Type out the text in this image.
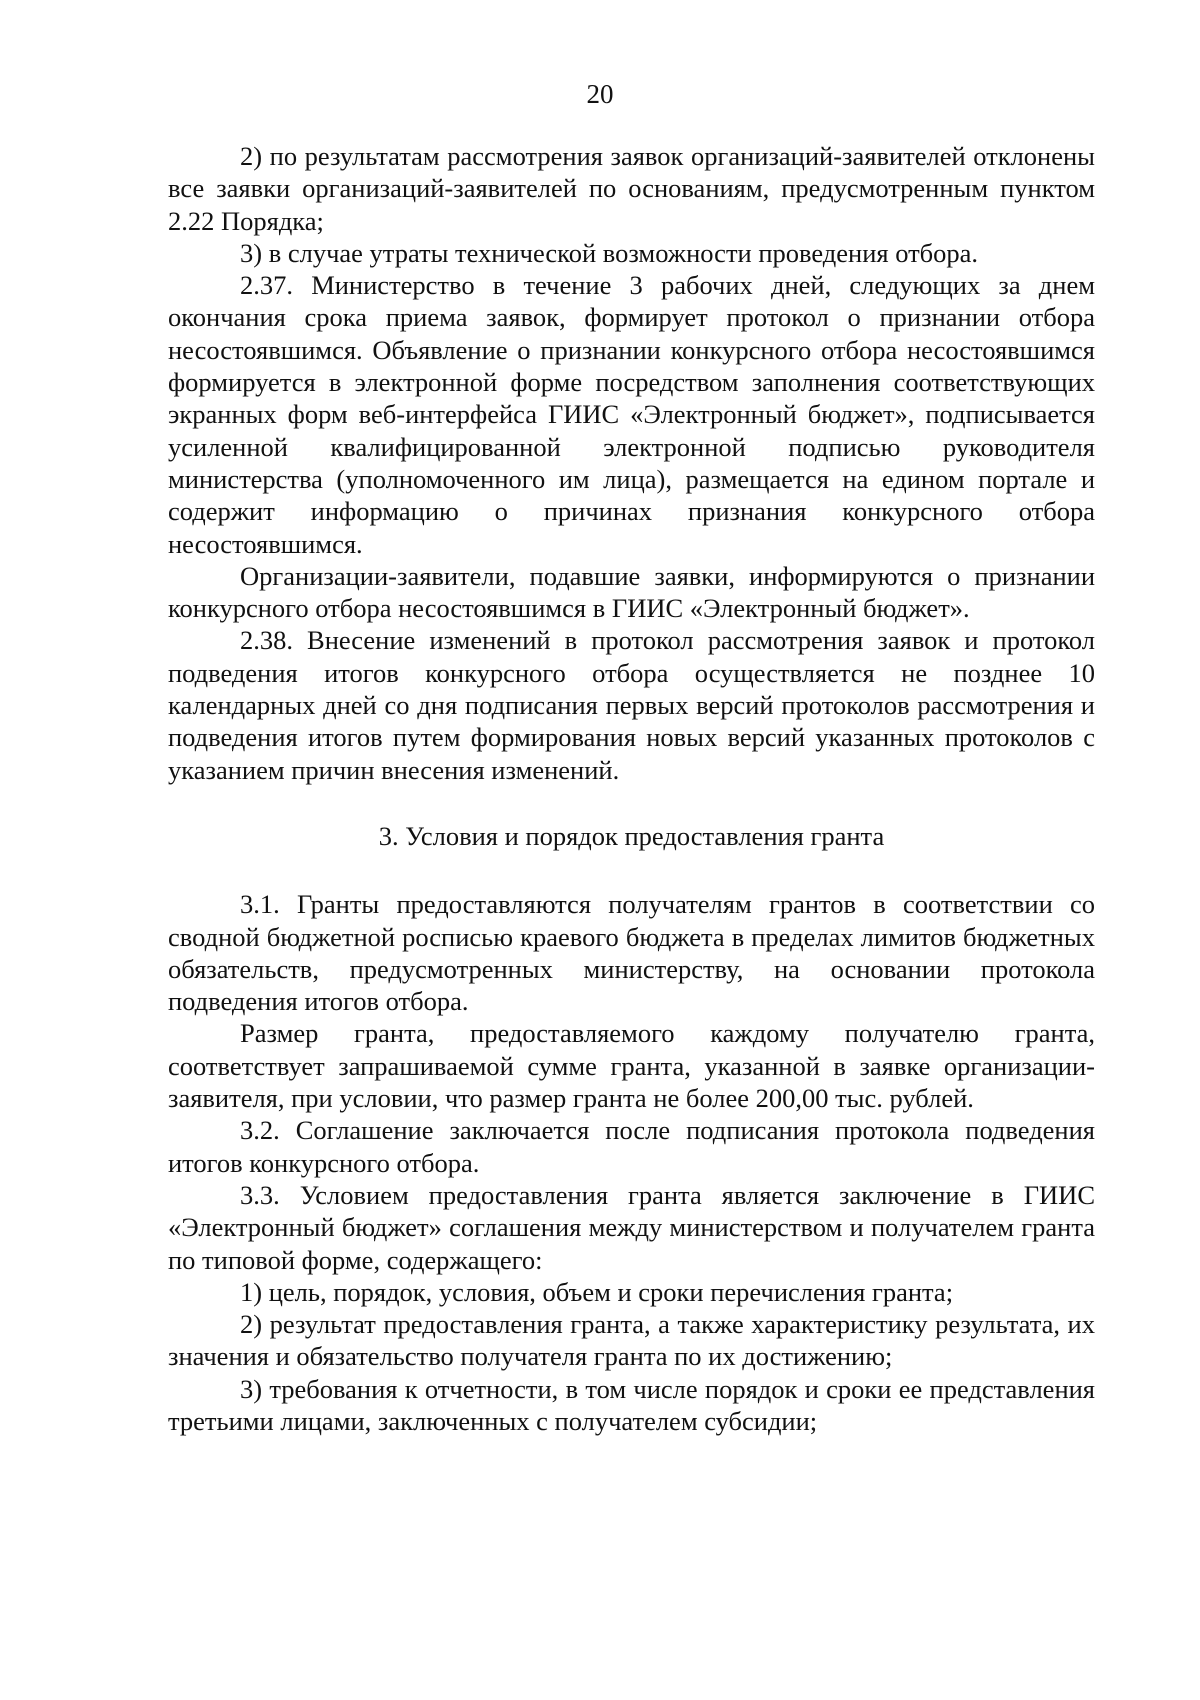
20

2) по результатам рассмотрения заявок организаций-заявителей отклонены все заявки организаций-заявителей по основаниям, предусмотренным пунктом 2.22 Порядка;

3) в случае утраты технической возможности проведения отбора.

2.37. Министерство в течение 3 рабочих дней, следующих за днем окончания срока приема заявок, формирует протокол о признании отбора несостоявшимся. Объявление о признании конкурсного отбора несостоявшимся формируется в электронной форме посредством заполнения соответствующих экранных форм веб-интерфейса ГИИС «Электронный бюджет», подписывается усиленной квалифицированной электронной подписью руководителя министерства (уполномоченного им лица), размещается на едином портале и содержит информацию о причинах признания конкурсного отбора несостоявшимся.

Организации-заявители, подавшие заявки, информируются о признании конкурсного отбора несостоявшимся в ГИИС «Электронный бюджет».

2.38. Внесение изменений в протокол рассмотрения заявок и протокол подведения итогов конкурсного отбора осуществляется не позднее 10 календарных дней со дня подписания первых версий протоколов рассмотрения и подведения итогов путем формирования новых версий указанных протоколов с указанием причин внесения изменений.

3. Условия и порядок предоставления гранта

3.1. Гранты предоставляются получателям грантов в соответствии со сводной бюджетной росписью краевого бюджета в пределах лимитов бюджетных обязательств, предусмотренных министерству, на основании протокола подведения итогов отбора.

Размер гранта, предоставляемого каждому получателю гранта, соответствует запрашиваемой сумме гранта, указанной в заявке организации-заявителя, при условии, что размер гранта не более 200,00 тыс. рублей.

3.2. Соглашение заключается после подписания протокола подведения итогов конкурсного отбора.

3.3. Условием предоставления гранта является заключение в ГИИС «Электронный бюджет» соглашения между министерством и получателем гранта по типовой форме, содержащего:

1) цель, порядок, условия, объем и сроки перечисления гранта;

2) результат предоставления гранта, а также характеристику результата, их значения и обязательство получателя гранта по их достижению;

3) требования к отчетности, в том числе порядок и сроки ее представления третьими лицами, заключенных с получателем субсидии;
